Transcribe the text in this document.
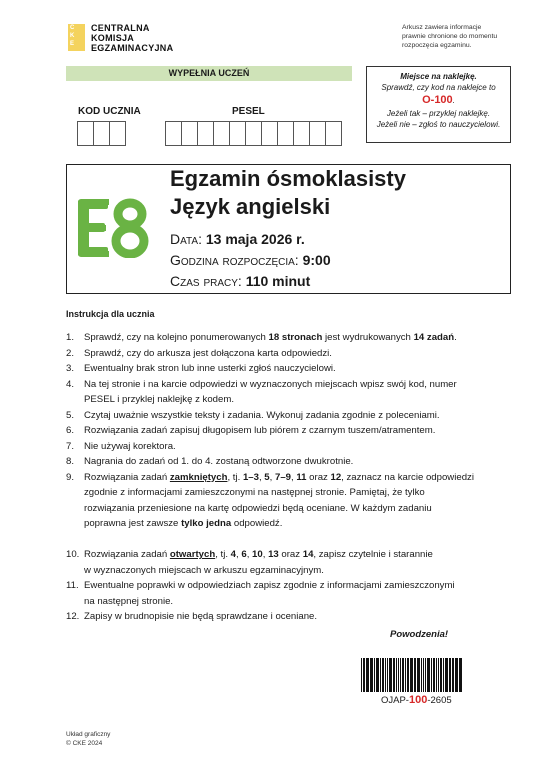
C
K
E
CENTRALNA
KOMISJA
EGZAMINACYJNA
Arkusz zawiera informacje
prawnie chronione do momentu
rozpoczęcia egzaminu.
WYPEŁNIA UCZEŃ
KOD UCZNIA	PESEL
Miejsce na naklejkę.
Sprawdź, czy kod na naklejce to
O-100.
Jeżeli tak – przyklej naklejkę.
Jeżeli nie – zgłoś to nauczycielowi.
Egzamin ósmoklasisty
Język angielski
Data: 13 maja 2026 r.
Godzina rozpoczęcia: 9:00
Czas pracy: 110 minut
Instrukcja dla ucznia
1.	Sprawdź, czy na kolejno ponumerowanych 18 stronach jest wydrukowanych 14 zadań.
2.	Sprawdź, czy do arkusza jest dołączona karta odpowiedzi.
3.	Ewentualny brak stron lub inne usterki zgłoś nauczycielowi.
4.	Na tej stronie i na karcie odpowiedzi w wyznaczonych miejscach wpisz swój kod, numer
PESEL i przyklej naklejkę z kodem.
5.	Czytaj uważnie wszystkie teksty i zadania. Wykonuj zadania zgodnie z poleceniami.
6.	Rozwiązania zadań zapisuj długopisem lub piórem z czarnym tuszem/atramentem.
7.	Nie używaj korektora.
8.	Nagrania do zadań od 1. do 4. zostaną odtworzone dwukrotnie.
9.	Rozwiązania zadań zamkniętych, tj. 1–3, 5, 7–9, 11 oraz 12, zaznacz na karcie odpowiedzi
zgodnie z informacjami zamieszczonymi na następnej stronie. Pamiętaj, że tylko
rozwiązania przeniesione na kartę odpowiedzi będą oceniane. W każdym zadaniu
poprawna jest zawsze tylko jedna odpowiedź.
10. Rozwiązania zadań otwartych, tj. 4, 6, 10, 13 oraz 14, zapisz czytelnie i starannie
w wyznaczonych miejscach w arkuszu egzaminacyjnym.
11. Ewentualne poprawki w odpowiedziach zapisz zgodnie z informacjami zamieszczonymi
na następnej stronie.
12. Zapisy w brudnopisie nie będą sprawdzane i oceniane.
Powodzenia!
OJAP-100-2605
Układ graficzny
© CKE 2024
